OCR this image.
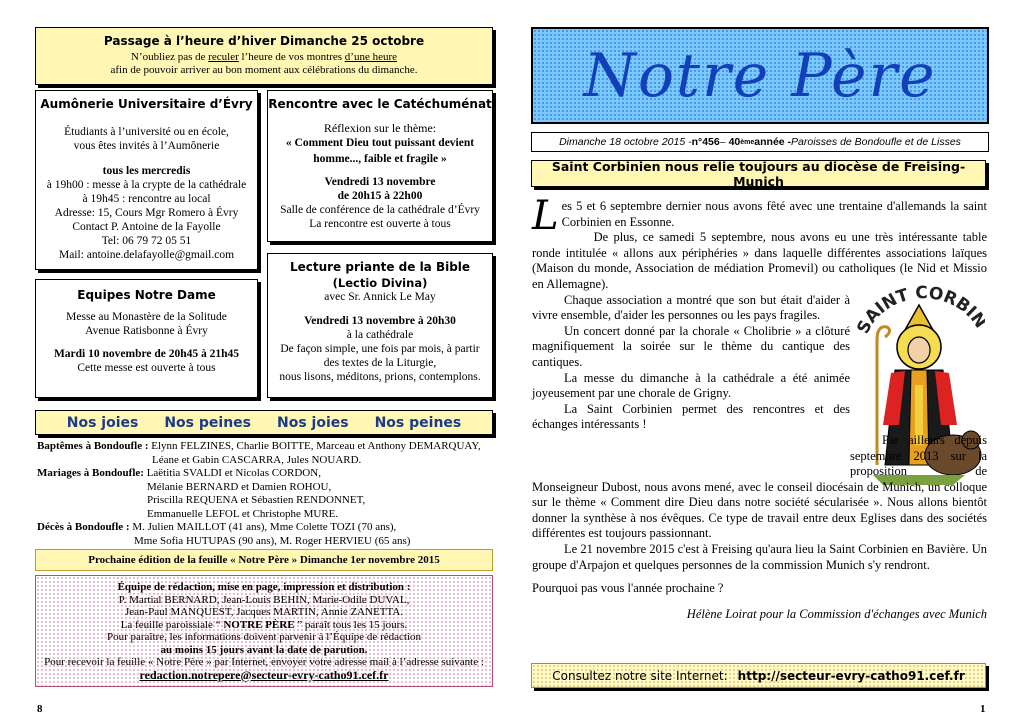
Passage à l’heure d’hiver Dimanche 25 octobre
N’oubliez pas de reculer l’heure de vos montres d’une heure
afin de pouvoir arriver au bon moment aux célébrations du dimanche.
Aumônerie Universitaire d’Évry
Étudiants à l’université ou en école,
vous êtes invités à l’Aumônerie
tous les mercredis
à 19h00 : messe à la crypte de la cathédrale
à 19h45 : rencontre au local
Adresse: 15, Cours Mgr Romero à Évry
Contact P. Antoine de la Fayolle
Tel: 06 79 72 05 51
Mail: antoine.delafayolle@gmail.com
Rencontre avec le Catéchuménat
Réflexion sur le thème:
« Comment Dieu tout puissant devient
homme..., faible et fragile »
Vendredi 13 novembre
de 20h15 à 22h00
Salle de conférence de la cathédrale d’Évry
La rencontre est ouverte à tous
Equipes Notre Dame
Messe au Monastère de la Solitude
Avenue Ratisbonne à Évry
Mardi 10 novembre de 20h45 à 21h45
Cette messe est ouverte à tous
Lecture priante de la Bible
(Lectio Divina)
avec Sr. Annick Le May
Vendredi 13 novembre à 20h30
à la cathédrale
De façon simple, une fois par mois, à partir
des textes de la Liturgie,
nous lisons, méditons, prions, contemplons.
Nos joies Nos peines Nos joies Nos peines
Baptêmes à Bondoufle : Elynn FELZINES, Charlie BOITTE, Marceau et Anthony DEMARQUAY,
Léane et Gabin CASCARRA, Jules NOUARD.
Mariages à Bondoufle: Laëtitia SVALDI et Nicolas CORDON,
Mélanie BERNARD et Damien ROHOU,
Priscilla REQUENA et Sébastien RENDONNET,
Emmanuelle LEFOL et Christophe MURE.
Décès à Bondoufle : M. Julien MAILLOT (41 ans), Mme Colette TOZI (70 ans),
Mme Sofia HUTUPAS (90 ans), M. Roger HERVIEU (65 ans)
Prochaine édition de la feuille « Notre Père » Dimanche 1er novembre 2015
Équipe de rédaction, mise en page, impression et distribution :
P. Martial BERNARD, Jean-Louis BEHIN, Marie-Odile DUVAL,
Jean-Paul MANQUEST, Jacques MARTIN, Annie ZANETTA.
La feuille paroissiale “ NOTRE PÈRE ” paraît tous les 15 jours.
Pour paraître, les informations doivent parvenir à l’Équipe de rédaction
au moins 15 jours avant la date de parution.
Pour recevoir la feuille « Notre Père » par Internet, envoyer votre adresse mail à l’adresse suivante :
redaction.notrepere@secteur-evry-catho91.cef.fr
8
Notre Père
Dimanche 18 octobre 2015 - n°456 – 40 ème année - Paroisses de Bondoufle et de Lisses
Saint Corbinien nous relie toujours au diocèse de Freising-Munich
SAINT CORBI
L es 5 et 6 septembre dernier nous avons fêté avec une trentaine d'allemands la saint Corbinien en Essonne.

De plus, ce samedi 5 septembre, nous avons eu une très intéressante table ronde intitulée « allons aux périphéries » dans laquelle différentes associations laïques (Maison du monde, Association de médiation Promevil) ou catholiques (le Nid et Missio en Allemagne).

Chaque association a montré que son but était d'aider à vivre ensemble, d'aider les personnes ou les pays fragiles.

Un concert donné par la chorale « Cholibrie » a clôturé magnifiquement la soirée sur le thème du cantique des cantiques.

La messe du dimanche à la cathédrale a été animée joyeusement par une chorale de Grigny.

La Saint Corbinien permet des rencontres et des échanges intéressants !

Par ailleurs depuis septembre 2013 sur la proposition de Monseigneur Dubost, nous avons mené, avec le conseil diocésain de Munich, un colloque sur le thème « Comment dire Dieu dans notre société sécularisée ». Nous allons bientôt donner la synthèse à nos évêques. Ce type de travail entre deux Eglises dans des sociétés différentes est toujours passionnant.

Le 21 novembre 2015 c'est à Freising qu'aura lieu la Saint Corbinien en Bavière. Un groupe d'Arpajon et quelques personnes de la commission Munich s'y rendront.

Pourquoi pas vous l'année prochaine ?

Hélène Loirat pour la Commission d'échanges avec Munich

Consultez notre site Internet: http://secteur-evry-catho91.cef.fr
1
